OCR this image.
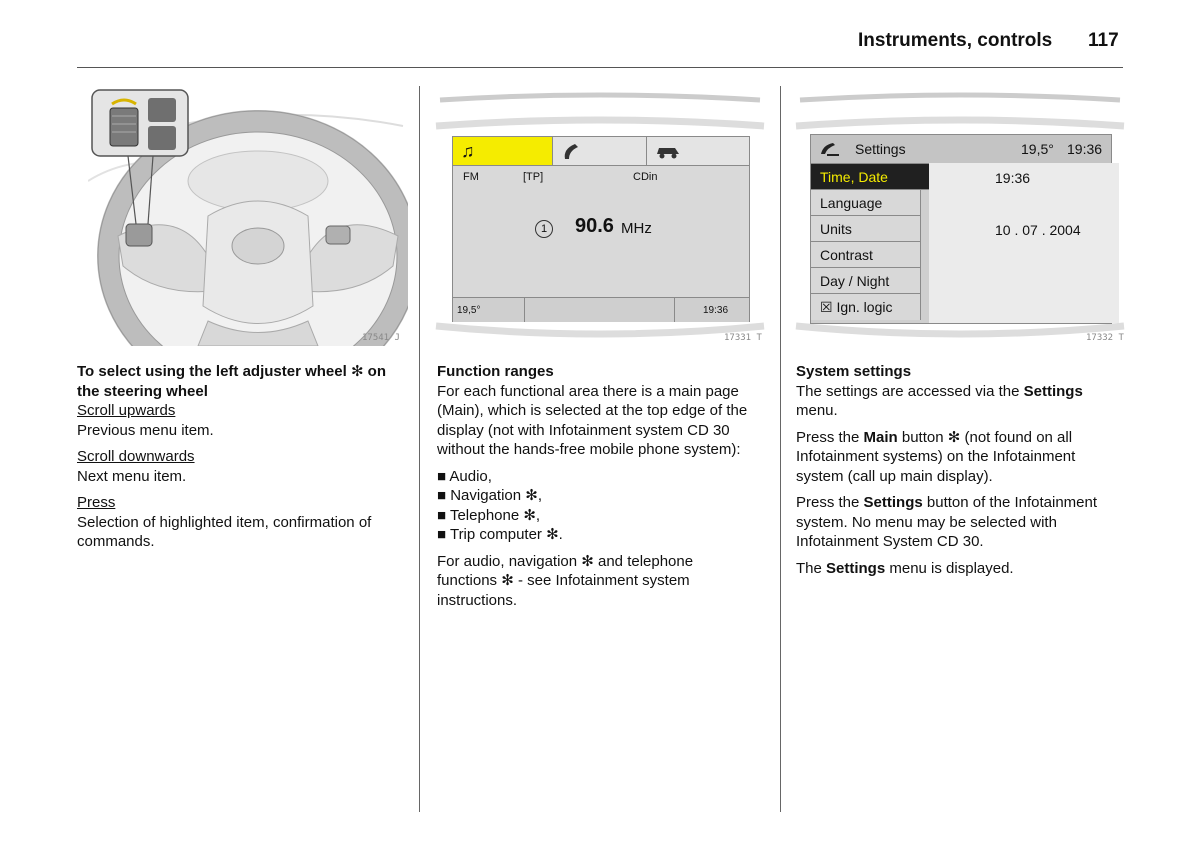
Instruments, controls 117
17541 J
♫
FM	[TP]	CDin
1 90.6 MHz
19,5°	19:36
17331 T
Settings	19,5° 19:36
Time, Date
Language
Units
Contrast
Day / Night
☒ Ign. logic
19:36
10 . 07 . 2004
17332 T

To select using the left adjuster wheel ✻ on the steering wheel

Scroll upwards

Previous menu item.

Scroll downwards

Next menu item.

Press

Selection of highlighted item, confirmation of commands.

Function ranges

For each functional area there is a main page (Main), which is selected at the top edge of the display (not with Infotainment system CD 30 without the hands-free mobile phone system):

■ Audio,

■ Navigation ✻,

■ Telephone ✻,

■ Trip computer ✻.

For audio, navigation ✻ and telephone functions ✻ - see Infotainment system instructions.

System settings

The settings are accessed via the Settings menu.

Press the Main button ✻ (not found on all Infotainment systems) on the Infotainment system (call up main display).

Press the Settings button of the Infotainment system. No menu may be selected with Infotainment System CD 30.

The Settings menu is displayed.
